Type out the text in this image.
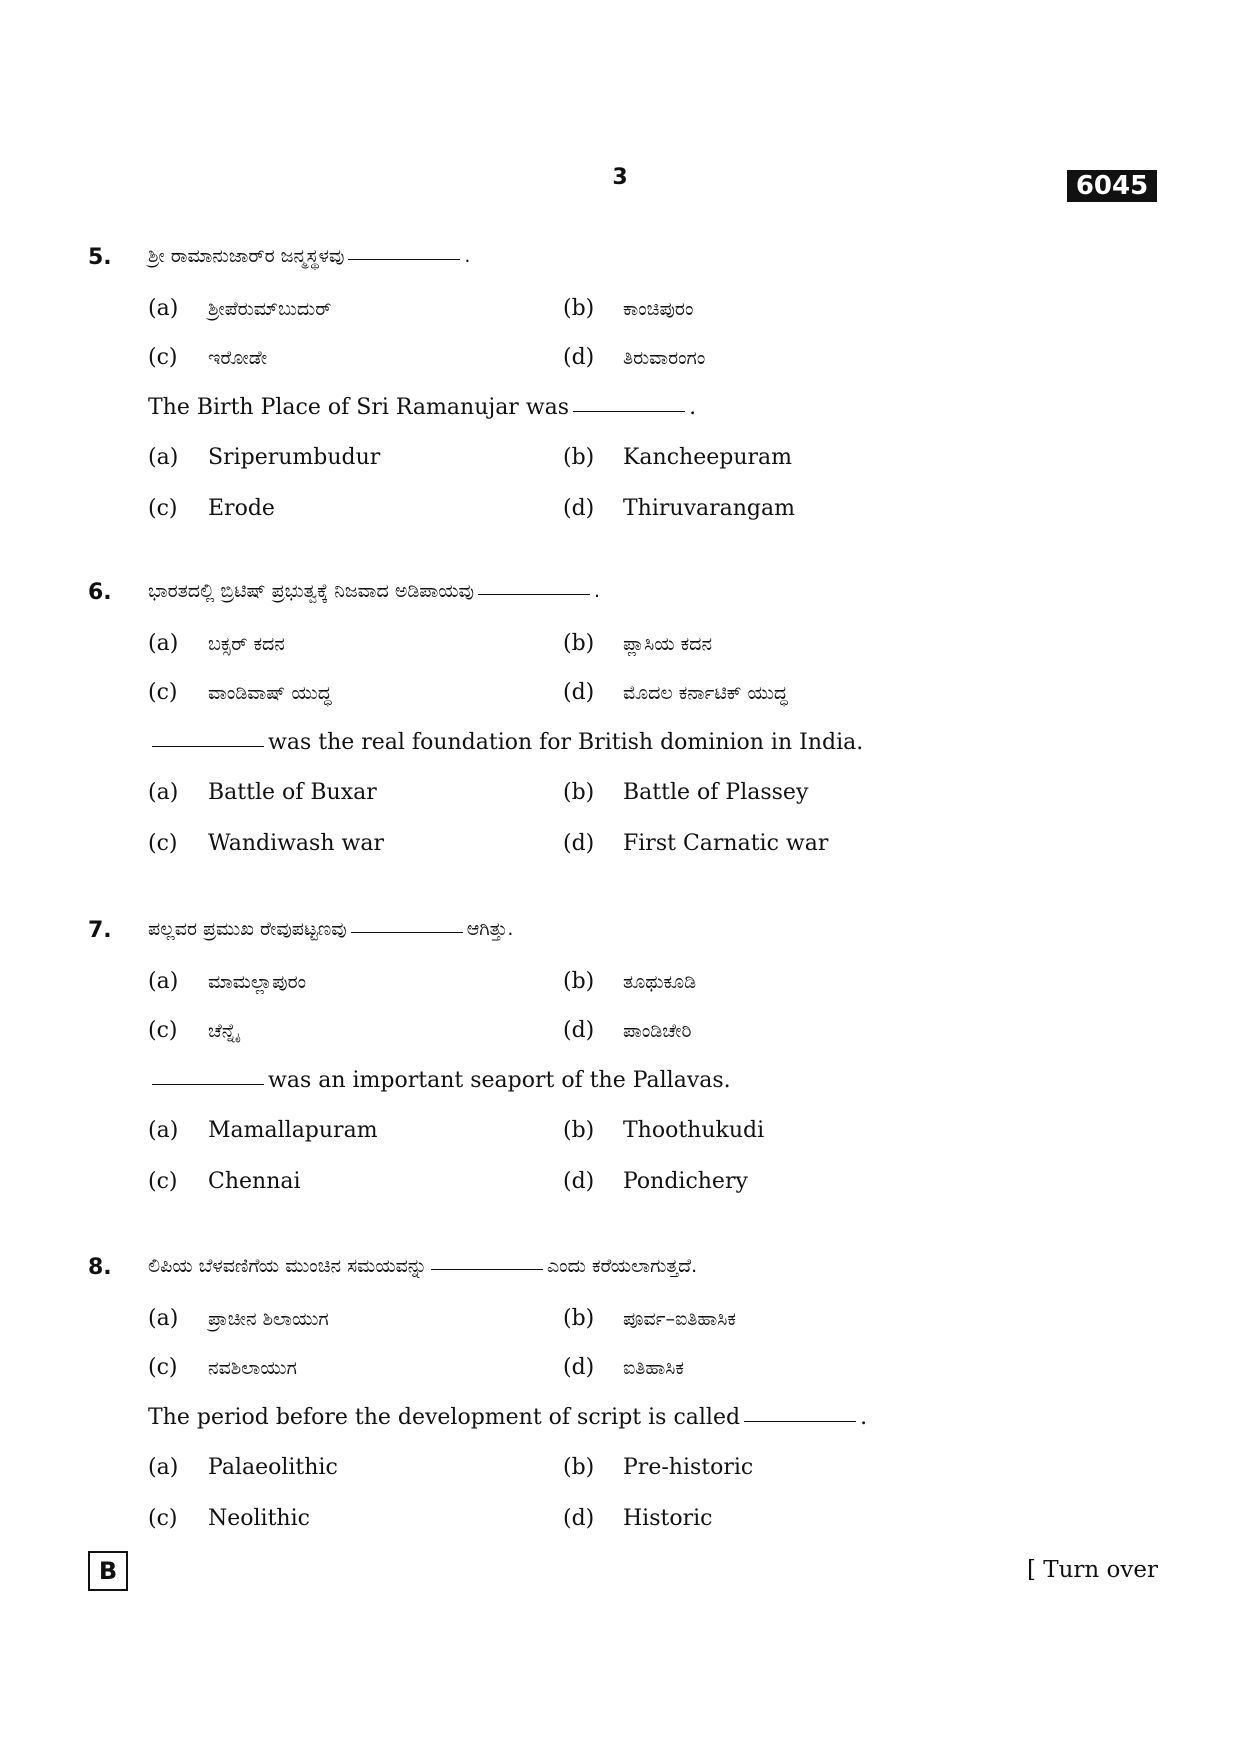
3	6045
5. ಶ್ರೀ ರಾಮಾನುಜಾರ್‌ರ ಜನ್ಮಸ್ಥಳವು	.
(a) ಶ್ರೀಪೆರುಮ್‌ಬುದುರ್	(b) ಕಾಂಚಿಪುರಂ
(c) ಇರೋಡೇ	(d) ತಿರುವಾರಂಗಂ
The Birth Place of Sri Ramanujar was	.
(a) Sriperumbudur	(b) Kancheepuram
(c) Erode	(d) Thiruvarangam
6. ಭಾರತದಲ್ಲಿ ಬ್ರಿಟಿಷ್ ಪ್ರಭುತ್ವಕ್ಕೆ ನಿಜವಾದ ಅಡಿಪಾಯವು	.
(a) ಬಕ್ಸರ್ ಕದನ	(b) ಪ್ಲಾಸಿಯ ಕದನ
(c) ವಾಂಡಿವಾಷ್ ಯುದ್ಧ	(d) ಮೊದಲ ಕರ್ನಾಟಿಕ್ ಯುದ್ಧ
was the real foundation for British dominion in India.
(a) Battle of Buxar	(b) Battle of Plassey
(c) Wandiwash war	(d) First Carnatic war
7. ಪಲ್ಲವರ ಪ್ರಮುಖ ರೇವುಪಟ್ಟಣವು	ಆಗಿತ್ತು.
(a) ಮಾಮಲ್ಲಾಪುರಂ	(b) ತೂಥುಕೂಡಿ
(c) ಚೆನ್ನೈ	(d) ಪಾಂಡಿಚೇರಿ
was an important seaport of the Pallavas.
(a) Mamallapuram	(b) Thoothukudi
(c) Chennai	(d) Pondichery
8. ಲಿಪಿಯ ಬೆಳವಣಿಗೆಯ ಮುಂಚಿನ ಸಮಯವನ್ನು	ಎಂದು ಕರೆಯಲಾಗುತ್ತದೆ.
(a) ಪ್ರಾಚೀನ ಶಿಲಾಯುಗ	(b) ಪೂರ್ವ–ಐತಿಹಾಸಿಕ
(c) ನವಶಿಲಾಯುಗ	(d) ಐತಿಹಾಸಿಕ
The period before the development of script is called	.
(a) Palaeolithic	(b) Pre-historic
(c) Neolithic	(d) Historic
B	[ Turn over
